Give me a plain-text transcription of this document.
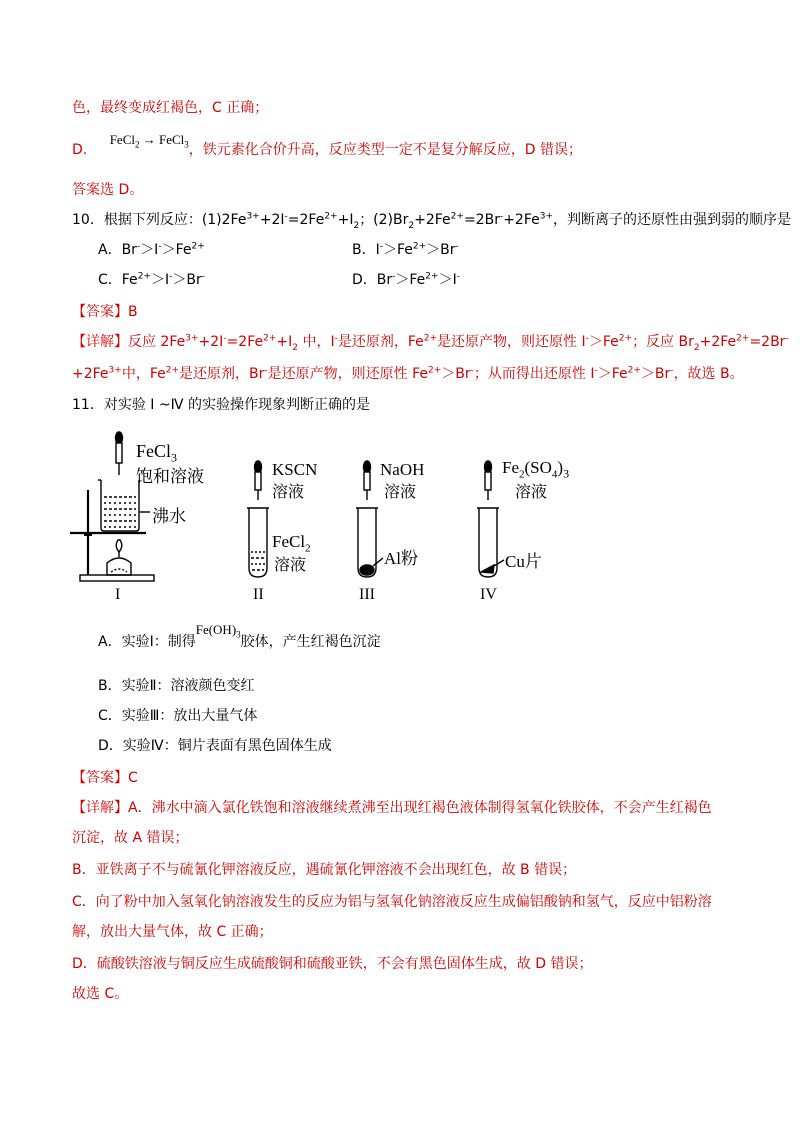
色，最终变成红褐色，C 正确；
D. FeCl$_2$ → FeCl$_3$，铁元素化合价升高，反应类型一定不是复分解反应，D 错误；
答案选 D。
10．根据下列反应：$(1)2Fe^{3+}+2I^-=2Fe^{2+}+I_2$；$(2)Br_2+2Fe^{2+}=2Br^-+2Fe^{3+}$，判断离子的还原性由强到弱的顺序是
A．$Br^->I^->Fe^{2+}$	B．$I^->Fe^{2+}>Br^-$
C．$Fe^{2+}>I^->Br^-$	D．$Br^->Fe^{2+}>I^-$
【答案】B
【详解】反应 $2Fe^{3+}+2I^-=2Fe^{2+}+I_2$ 中，I-是还原剂，$Fe^{2+}$是还原产物，则还原性 $I^->Fe^{2+}$；反应 $Br_2+2Fe^{2+}=2Br^-$
$+2Fe^{3+}$中，$Fe^{2+}$是还原剂，Br-是还原产物，则还原性 $Fe^{2+}>Br^-$；从而得出还原性 $I^->Fe^{2+}>Br^-$，故选 B。
11．对实验 Ⅰ ~Ⅳ 的实验操作现象判断正确的是
FeCl$_3$
饱和溶液
沸水
KSCN
溶液
FeCl$_2$
溶液
NaOH
溶液
Al粉
$Fe_2(SO_4)_3$
溶液
Cu片
I	II	III	IV
A．实验Ⅰ：制得$Fe(OH)_3$胶体，产生红褐色沉淀
B．实验Ⅱ：溶液颜色变红
C．实验Ⅲ：放出大量气体
D．实验Ⅳ：铜片表面有黑色固体生成
【答案】C
【详解】A．沸水中滴入氯化铁饱和溶液继续煮沸至出现红褐色液体制得氢氧化铁胶体，不会产生红褐色
沉淀，故 A 错误；
B．亚铁离子不与硫氰化钾溶液反应，遇硫氰化钾溶液不会出现红色，故 B 错误；
C．向了粉中加入氢氧化钠溶液发生的反应为铝与氢氧化钠溶液反应生成偏铝酸钠和氢气，反应中铝粉溶
解，放出大量气体，故 C 正确；
D．硫酸铁溶液与铜反应生成硫酸铜和硫酸亚铁，不会有黑色固体生成，故 D 错误；
故选 C。
